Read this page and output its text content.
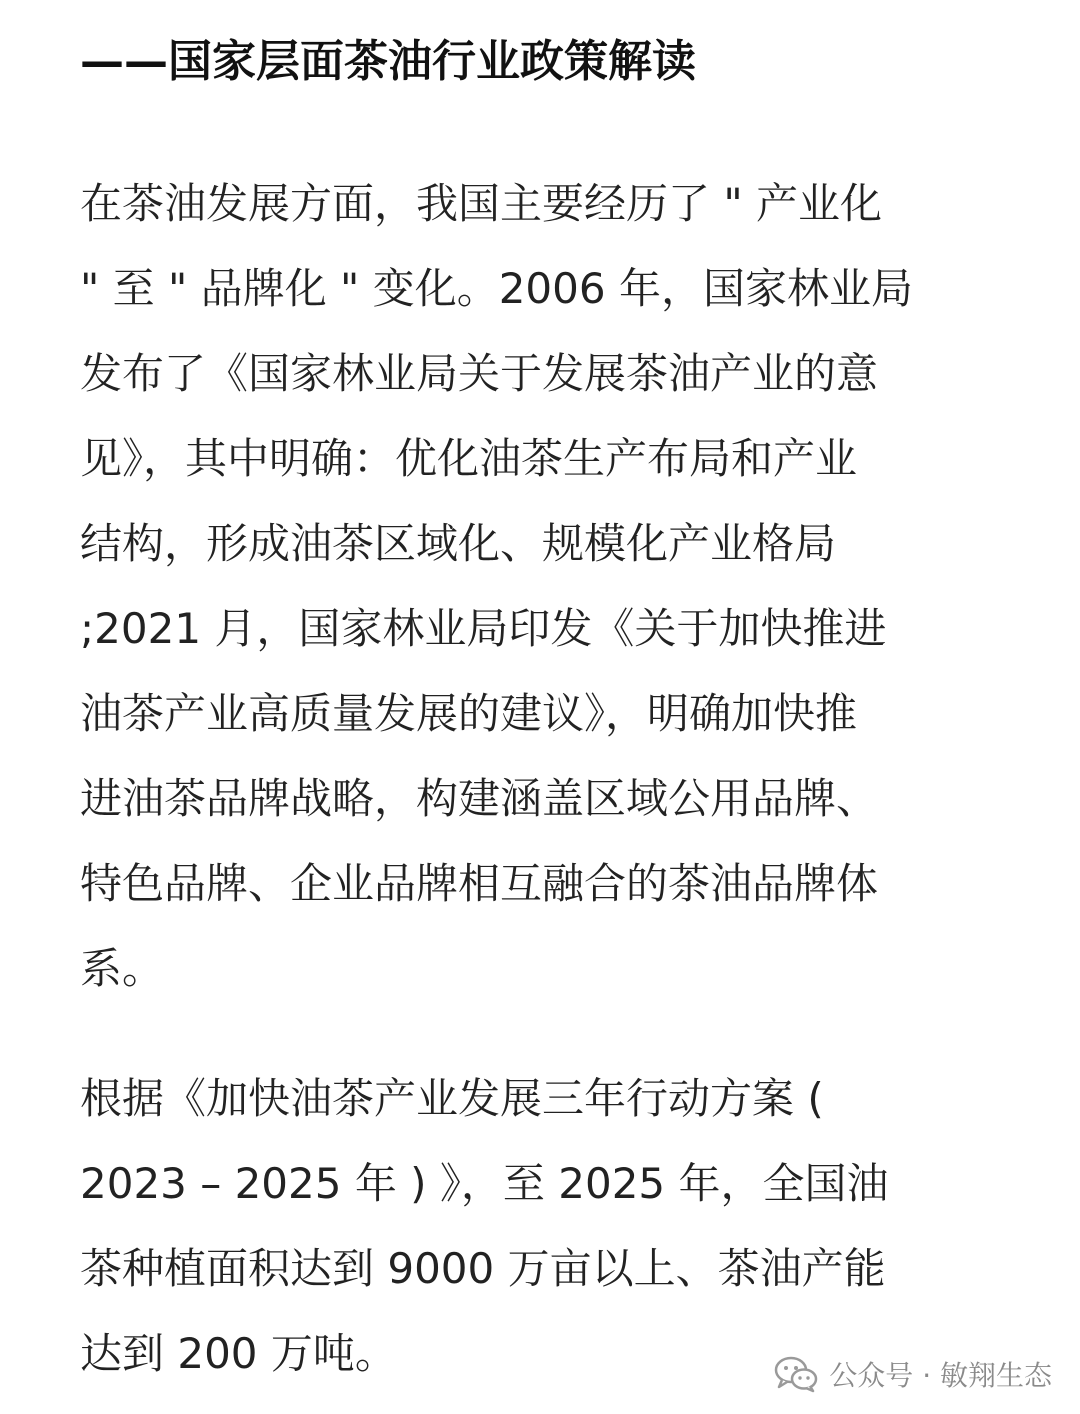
——国家层面茶油行业政策解读

在茶油发展方面，我国主要经历了 " 产业化
" 至 " 品牌化 " 变化。2006 年，国家林业局
发布了《国家林业局关于发展茶油产业的意
见》，其中明确：优化油茶生产布局和产业
结构，形成油茶区域化、规模化产业格局
;2021 月，国家林业局印发《关于加快推进
油茶产业高质量发展的建议》，明确加快推
进油茶品牌战略，构建涵盖区域公用品牌、
特色品牌、企业品牌相互融合的茶油品牌体
系。

根据《加快油茶产业发展三年行动方案 (
2023 – 2025 年 ) 》，至 2025 年，全国油
茶种植面积达到 9000 万亩以上、茶油产能
达到 200 万吨。	公众号 · 敏翔生态
